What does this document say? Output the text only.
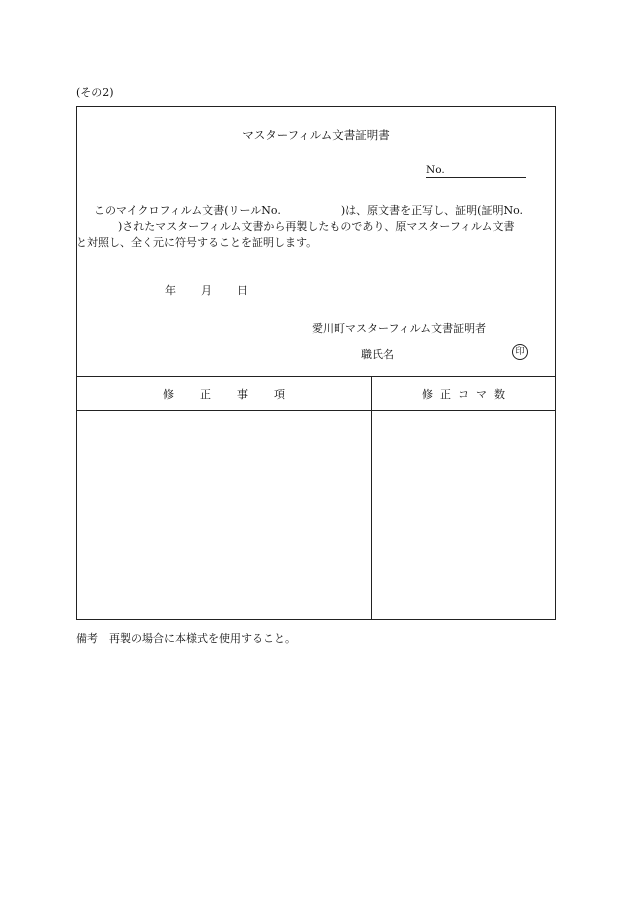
(その2)
マスターフィルム文書証明書
No.
このマイクロフィルム文書(リールNo.	)は、原文書を正写し、証明(証明No.
)されたマスターフィルム文書から再製したものであり、原マスターフィルム文書
と対照し、全く元に符号することを証明します。
年 月 日
愛川町マスターフィルム文書証明者
職氏名	印
修正事項	修正コマ数
備考　再製の場合に本様式を使用すること。
